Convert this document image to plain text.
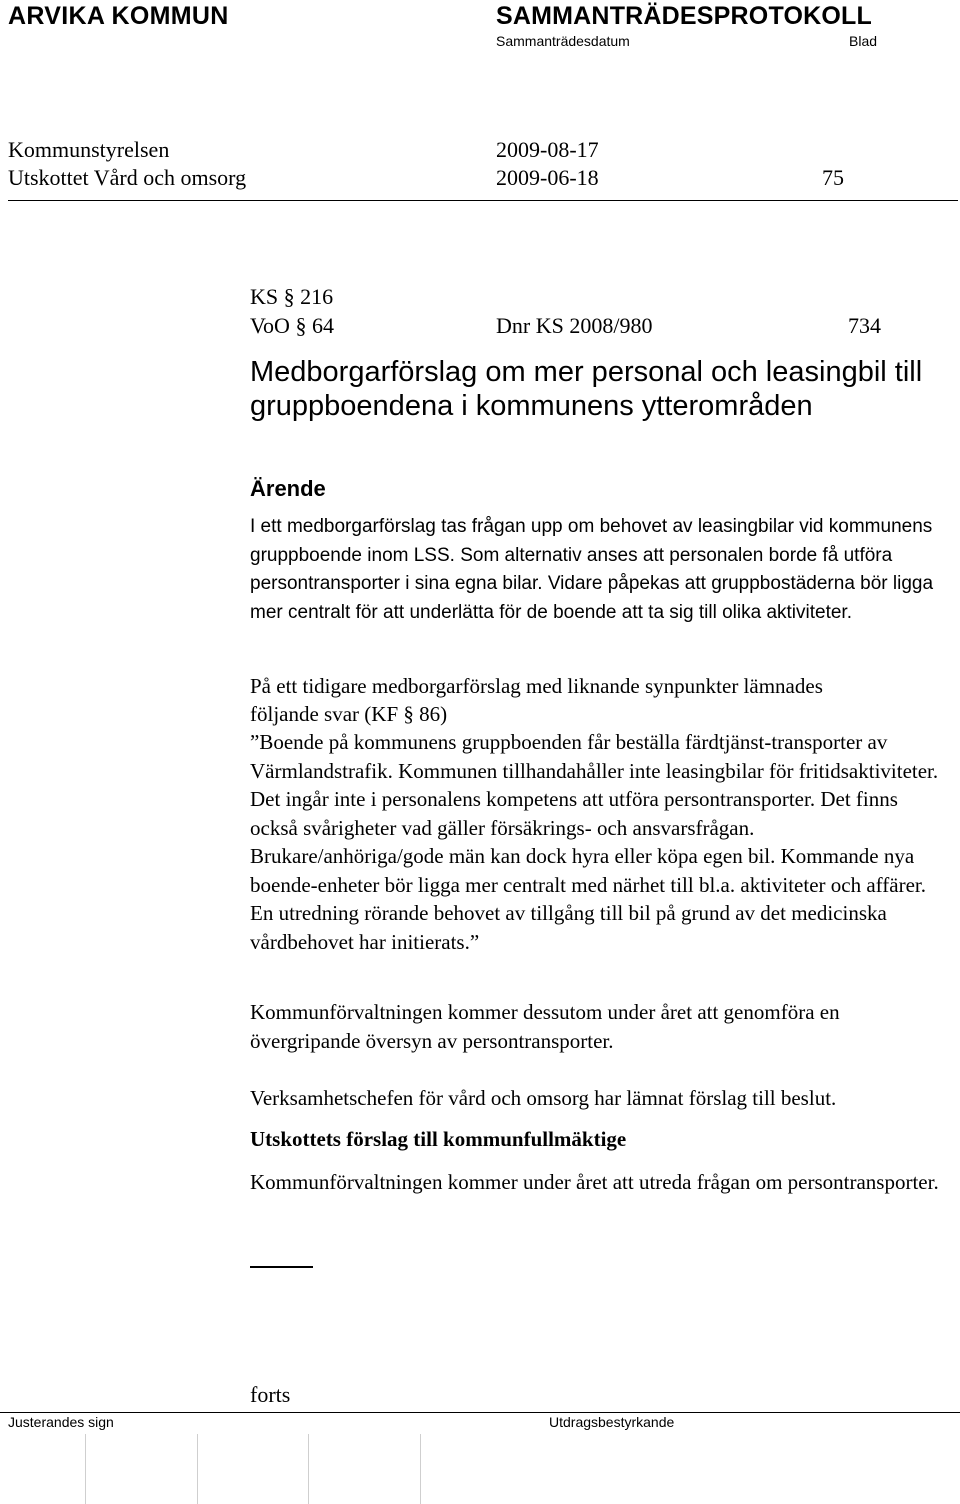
ARVIKA KOMMUN	SAMMANTRÄDESPROTOKOLL
Sammanträdesdatum	Blad
Kommunstyrelsen	2009-08-17
Utskottet Vård och omsorg	2009-06-18	75
KS § 216
VoO § 64	Dnr KS 2008/980	734
Medborgarförslag om mer personal och leasingbil till gruppboendena i kommunens ytterområden
Ärende
I ett medborgarförslag tas frågan upp om behovet av leasingbilar vid kommunens gruppboende inom LSS. Som alternativ anses att personalen borde få utföra persontransporter i sina egna bilar. Vidare påpekas att gruppbostäderna bör ligga mer centralt för att underlätta för de boende att ta sig till olika aktiviteter.
På ett tidigare medborgarförslag med liknande synpunkter lämnades
följande svar (KF § 86)
”Boende på kommunens gruppboenden får beställa färdtjänst-transporter av Värmlandstrafik. Kommunen tillhandahåller inte leasingbilar för fritidsaktiviteter. Det ingår inte i personalens kompetens att utföra persontransporter. Det finns också svårigheter vad gäller försäkrings- och ansvarsfrågan. Brukare/anhöriga/gode män kan dock hyra eller köpa egen bil. Kommande nya boende-enheter bör ligga mer centralt med närhet till bl.a. aktiviteter och affärer. En utredning rörande behovet av tillgång till bil på grund av det medicinska vårdbehovet har initierats.”
Kommunförvaltningen kommer dessutom under året att genomföra en övergripande översyn av persontransporter.
Verksamhetschefen för vård och omsorg har lämnat förslag till beslut.
Utskottets förslag till kommunfullmäktige
Kommunförvaltningen kommer under året att utreda frågan om persontransporter.
forts
Justerandes sign	Utdragsbestyrkande
